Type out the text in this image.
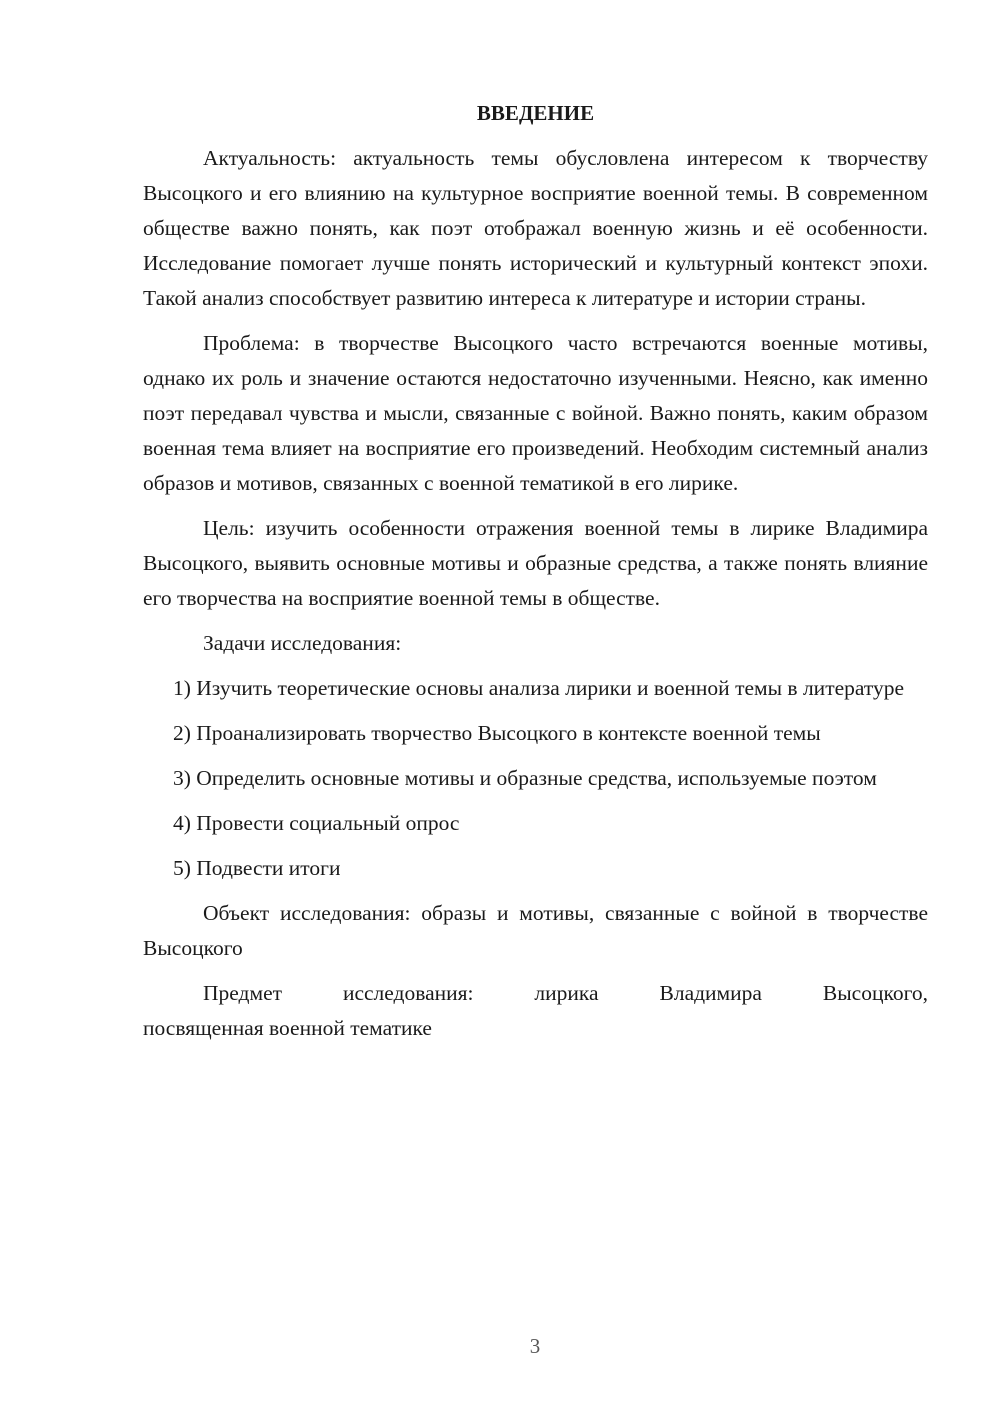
ВВЕДЕНИЕ

Актуальность: актуальность темы обусловлена интересом к творчеству Высоцкого и его влиянию на культурное восприятие военной темы. В современном обществе важно понять, как поэт отображал военную жизнь и её особенности. Исследование помогает лучше понять исторический и культурный контекст эпохи. Такой анализ способствует развитию интереса к литературе и истории страны.

Проблема: в творчестве Высоцкого часто встречаются военные мотивы, однако их роль и значение остаются недостаточно изученными. Неясно, как именно поэт передавал чувства и мысли, связанные с войной. Важно понять, каким образом военная тема влияет на восприятие его произведений. Необходим системный анализ образов и мотивов, связанных с военной тематикой в его лирике.

Цель: изучить особенности отражения военной темы в лирике Владимира Высоцкого, выявить основные мотивы и образные средства, а также понять влияние его творчества на восприятие военной темы в обществе.

Задачи исследования:

1) Изучить теоретические основы анализа лирики и военной темы в литературе

2) Проанализировать творчество Высоцкого в контексте военной темы

3) Определить основные мотивы и образные средства, используемые поэтом

4) Провести социальный опрос

5) Подвести итоги

Объект исследования: образы и мотивы, связанные с войной в творчестве Высоцкого

Предмет исследования: лирика Владимира Высоцкого,
посвященная военной тематике

3
